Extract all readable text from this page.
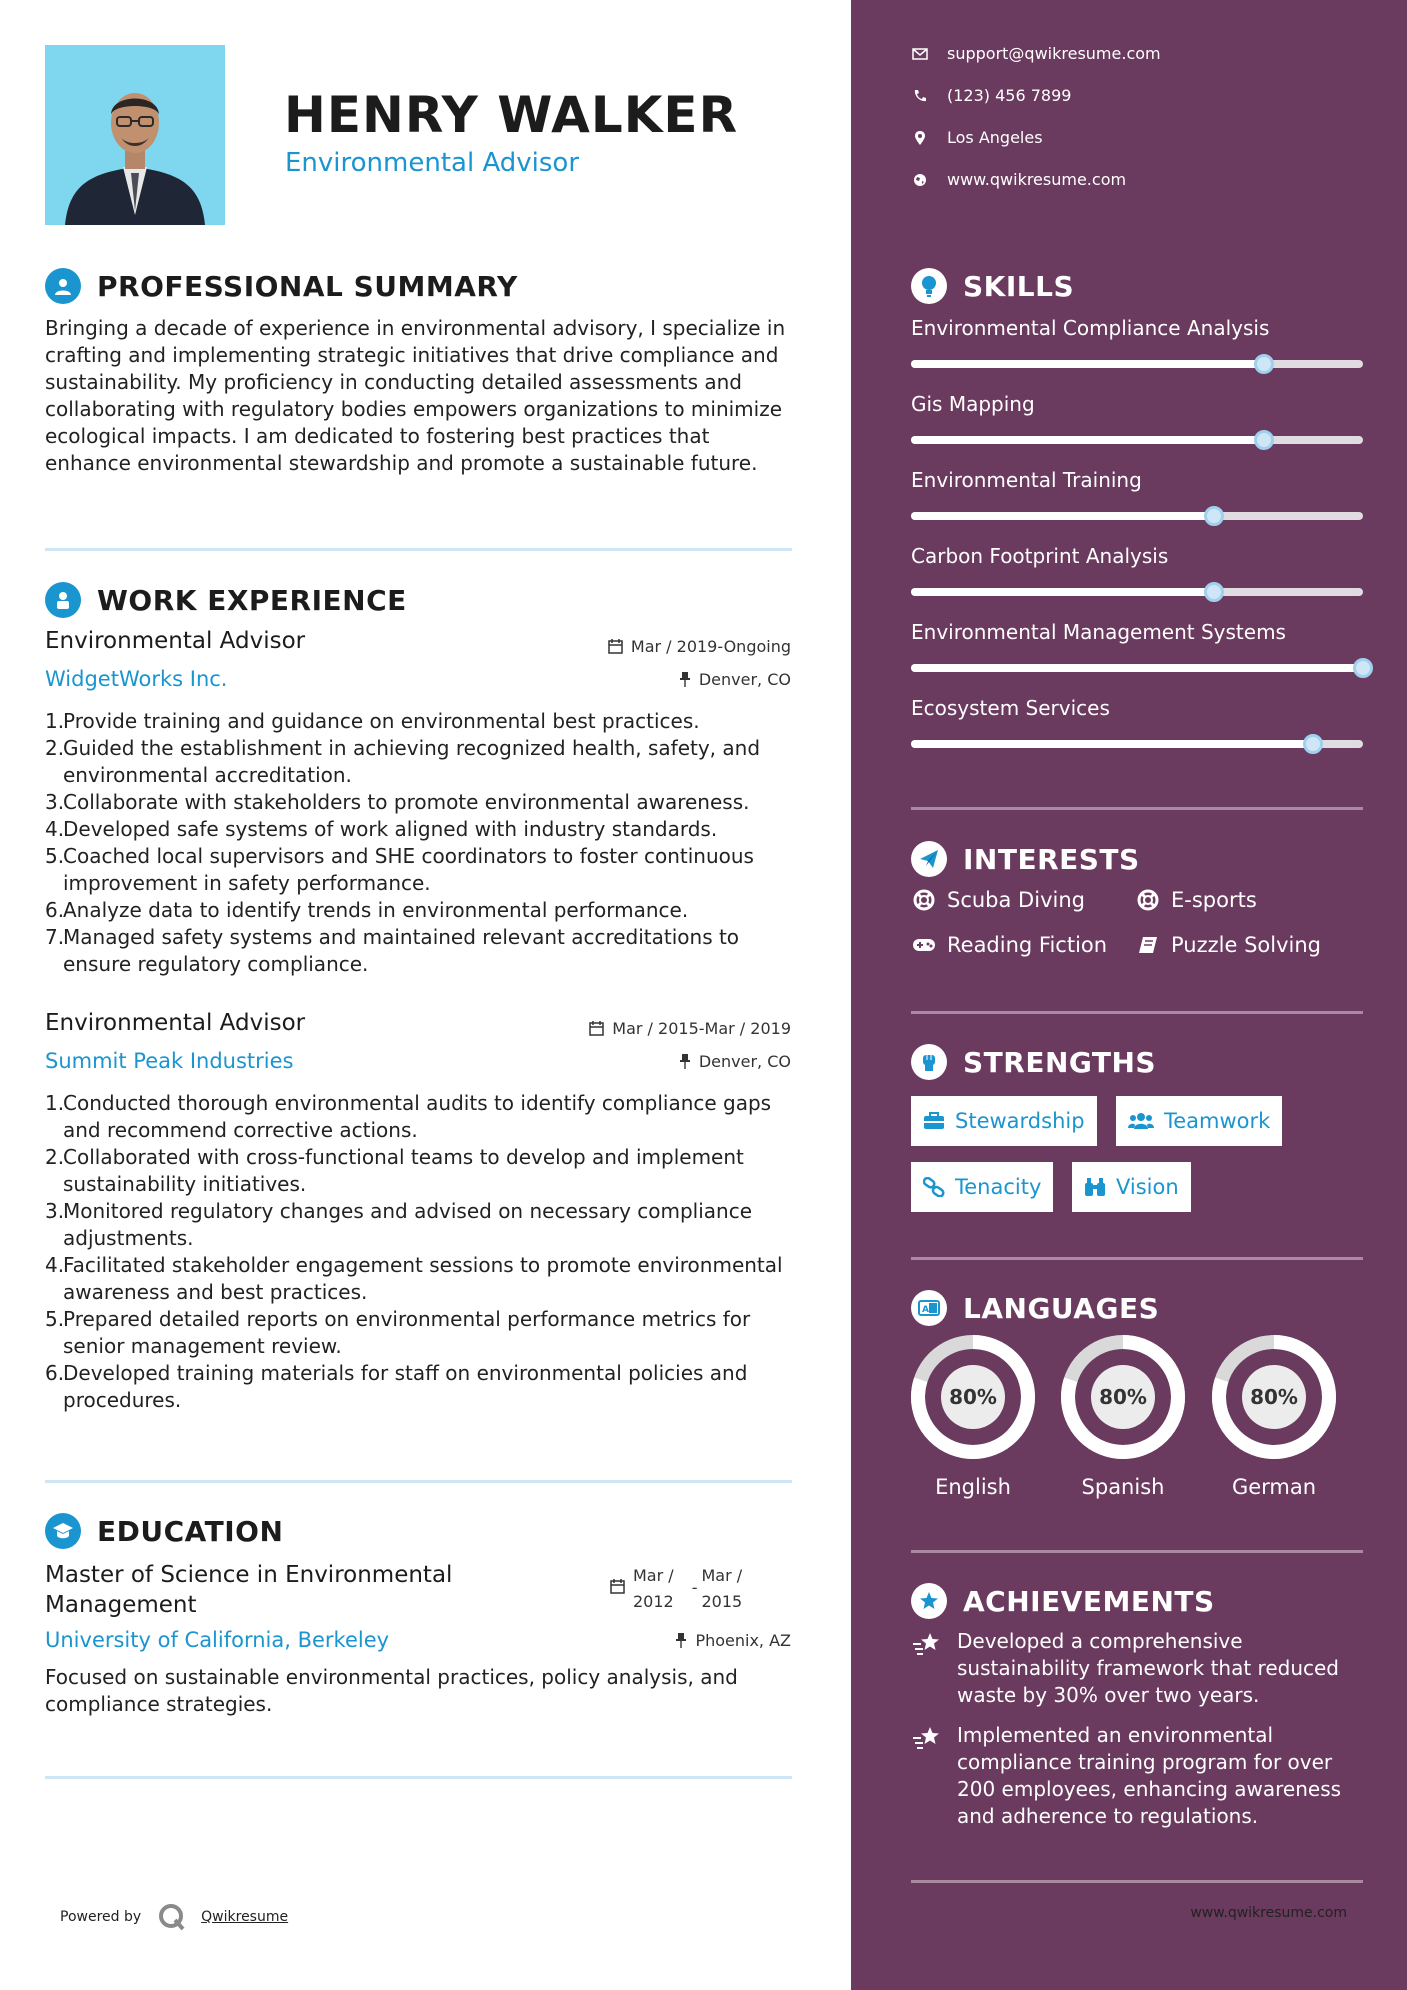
HENRY WALKER
Environmental Advisor
PROFESSIONAL SUMMARY
Bringing a decade of experience in environmental advisory, I specialize in crafting and implementing strategic initiatives that drive compliance and sustainability. My proficiency in conducting detailed assessments and collaborating with regulatory bodies empowers organizations to minimize ecological impacts. I am dedicated to fostering best practices that enhance environmental stewardship and promote a sustainable future.
WORK EXPERIENCE
Environmental Advisor
WidgetWorks Inc.
Mar / 2019-Ongoing
Denver, CO
1.Provide training and guidance on environmental best practices.
2.Guided the establishment in achieving recognized health, safety, and environmental accreditation.
3.Collaborate with stakeholders to promote environmental awareness.
4.Developed safe systems of work aligned with industry standards.
5.Coached local supervisors and SHE coordinators to foster continuous improvement in safety performance.
6.Analyze data to identify trends in environmental performance.
7.Managed safety systems and maintained relevant accreditations to ensure regulatory compliance.
Environmental Advisor
Summit Peak Industries
Mar / 2015-Mar / 2019
Denver, CO
1.Conducted thorough environmental audits to identify compliance gaps and recommend corrective actions.
2.Collaborated with cross-functional teams to develop and implement sustainability initiatives.
3.Monitored regulatory changes and advised on necessary compliance adjustments.
4.Facilitated stakeholder engagement sessions to promote environmental awareness and best practices.
5.Prepared detailed reports on environmental performance metrics for senior management review.
6.Developed training materials for staff on environmental policies and procedures.
EDUCATION
Master of Science in Environmental
Management
Mar /
2012
-
Mar /
2015
University of California, Berkeley	Phoenix, AZ
Focused on sustainable environmental practices, policy analysis, and compliance strategies.
Powered by	Qwikresume
support@qwikresume.com
(123) 456 7899
Los Angeles
www.qwikresume.com
SKILLS
Environmental Compliance Analysis
Gis Mapping
Environmental Training
Carbon Footprint Analysis
Environmental Management Systems
Ecosystem Services
INTERESTS
Scuba Diving	E-sports
Reading Fiction	Puzzle Solving
STRENGTHS
Stewardship	Teamwork
Tenacity	Vision
A LANGUAGES
80%
English
80%
Spanish
80%
German
ACHIEVEMENTS
Developed a comprehensive sustainability framework that reduced waste by 30% over two years.
Implemented an environmental compliance training program for over 200 employees, enhancing awareness and adherence to regulations.
www.qwikresume.com
